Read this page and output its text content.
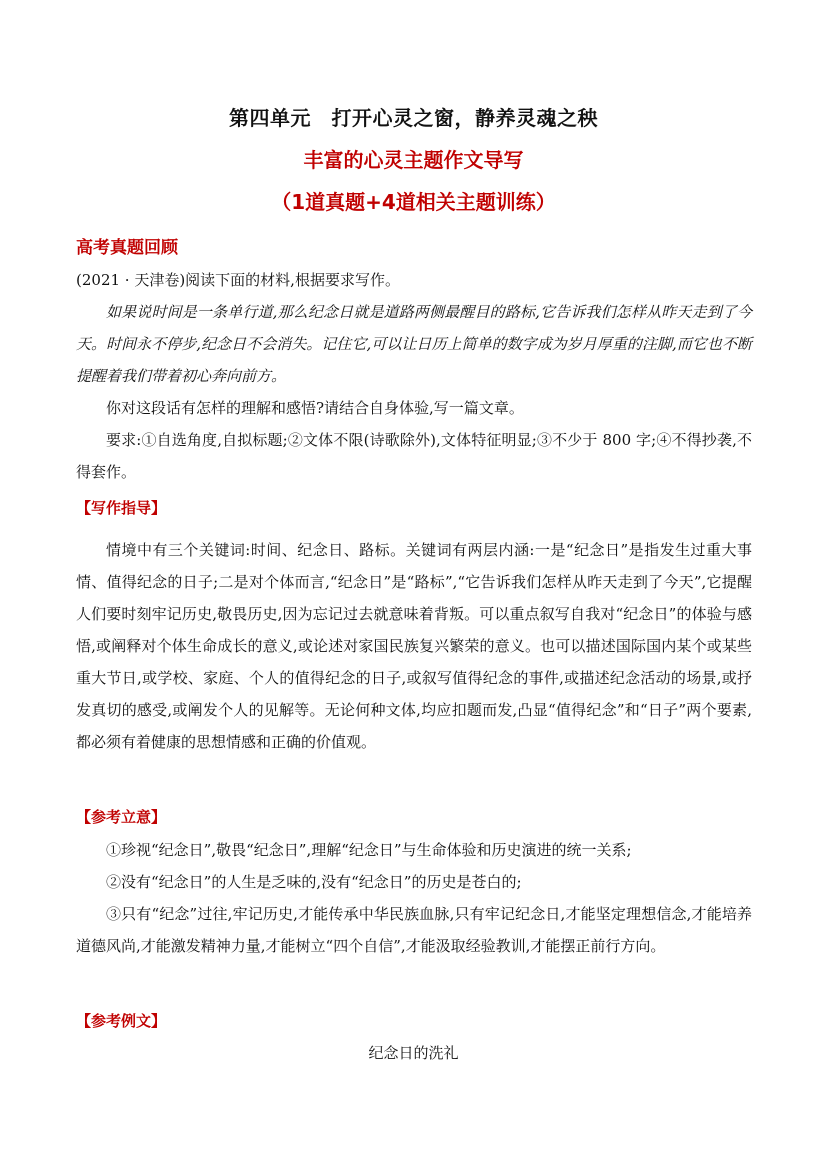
第四单元　打开心灵之窗，静养灵魂之秧
丰富的心灵主题作文导写
（1道真题+4道相关主题训练）
高考真题回顾

(2021 · 天津卷)阅读下面的材料,根据要求写作。

如果说时间是一条单行道,那么纪念日就是道路两侧最醒目的路标,它告诉我们怎样从昨天走到了今天。时间永不停步,纪念日不会消失。记住它,可以让日历上简单的数字成为岁月厚重的注脚,而它也不断提醒着我们带着初心奔向前方。

你对这段话有怎样的理解和感悟?请结合自身体验,写一篇文章。

要求:①自选角度,自拟标题;②文体不限(诗歌除外),文体特征明显;③不少于 800 字;④不得抄袭,不得套作。

【写作指导】

情境中有三个关键词:时间、纪念日、路标。关键词有两层内涵:一是“纪念日”是指发生过重大事情、值得纪念的日子;二是对个体而言,“纪念日”是“路标”,“它告诉我们怎样从昨天走到了今天”,它提醒人们要时刻牢记历史,敬畏历史,因为忘记过去就意味着背叛。可以重点叙写自我对“纪念日”的体验与感悟,或阐释对个体生命成长的意义,或论述对家国民族复兴繁荣的意义。也可以描述国际国内某个或某些重大节日,或学校、家庭、个人的值得纪念的日子,或叙写值得纪念的事件,或描述纪念活动的场景,或抒发真切的感受,或阐发个人的见解等。无论何种文体,均应扣题而发,凸显“值得纪念”和“日子”两个要素,都必须有着健康的思想情感和正确的价值观。

【参考立意】

①珍视“纪念日”,敬畏“纪念日”,理解“纪念日”与生命体验和历史演进的统一关系;

②没有“纪念日”的人生是乏味的,没有“纪念日”的历史是苍白的;

③只有“纪念”过往,牢记历史,才能传承中华民族血脉,只有牢记纪念日,才能坚定理想信念,才能培养道德风尚,才能激发精神力量,才能树立“四个自信”,才能汲取经验教训,才能摆正前行方向。

【参考例文】
纪念日的洗礼
